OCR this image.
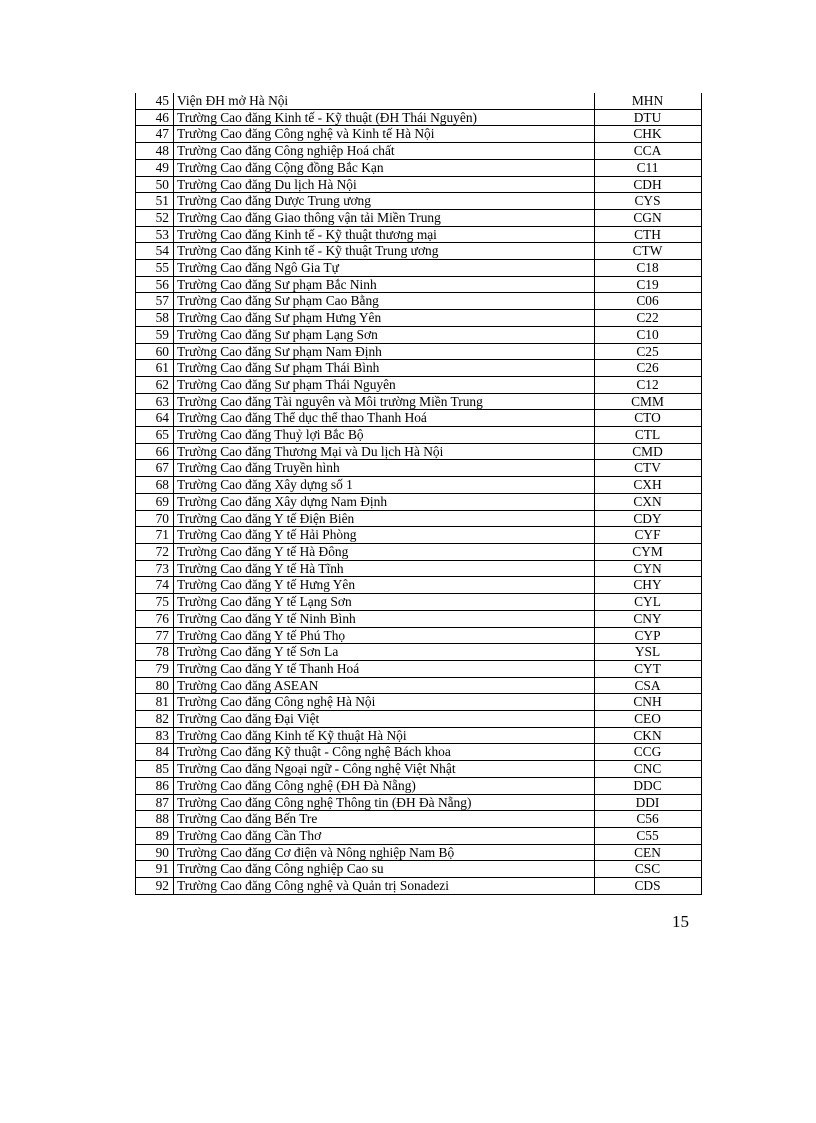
45	Viện ĐH mở Hà Nội	MHN
46	Trường Cao đăng Kinh tế - Kỹ thuật (ĐH Thái Nguyên)	DTU
47	Trường Cao đăng Công nghệ và Kinh tế Hà Nội	CHK
48	Trường Cao đăng Công nghiệp Hoá chất	CCA
49	Trường Cao đăng Cộng đồng Bắc Kạn	C11
50	Trường Cao đăng Du lịch Hà Nội	CDH
51	Trường Cao đăng Dược Trung ương	CYS
52	Trường Cao đăng Giao thông vận tải Miền Trung	CGN
53	Trường Cao đăng Kinh tế - Kỹ thuật thương mại	CTH
54	Trường Cao đăng Kinh tế - Kỹ thuật Trung ương	CTW
55	Trường Cao đăng Ngô Gia Tự	C18
56	Trường Cao đăng Sư phạm Bắc Ninh	C19
57	Trường Cao đăng Sư phạm Cao Bằng	C06
58	Trường Cao đăng Sư phạm Hưng Yên	C22
59	Trường Cao đăng Sư phạm Lạng Sơn	C10
60	Trường Cao đăng Sư phạm Nam Định	C25
61	Trường Cao đăng Sư phạm Thái Bình	C26
62	Trường Cao đăng Sư phạm Thái Nguyên	C12
63	Trường Cao đăng Tài nguyên và Môi trường Miền Trung	CMM
64	Trường Cao đăng Thể dục thể thao Thanh Hoá	CTO
65	Trường Cao đăng Thuỷ lợi Bắc Bộ	CTL
66	Trường Cao đăng Thương Mại và Du lịch Hà Nội	CMD
67	Trường Cao đăng Truyền hình	CTV
68	Trường Cao đăng Xây dựng số 1	CXH
69	Trường Cao đăng Xây dựng Nam Định	CXN
70	Trường Cao đăng Y tế Điện Biên	CDY
71	Trường Cao đăng Y tế Hải Phòng	CYF
72	Trường Cao đăng Y tế Hà Đông	CYM
73	Trường Cao đăng Y tế Hà Tĩnh	CYN
74	Trường Cao đăng Y tế Hưng Yên	CHY
75	Trường Cao đăng Y tế Lạng Sơn	CYL
76	Trường Cao đăng Y tế Ninh Bình	CNY
77	Trường Cao đăng Y tế Phú Thọ	CYP
78	Trường Cao đăng Y tế Sơn La	YSL
79	Trường Cao đăng Y tế Thanh Hoá	CYT
80	Trường Cao đăng ASEAN	CSA
81	Trường Cao đăng Công nghệ Hà Nội	CNH
82	Trường Cao đăng Đại Việt	CEO
83	Trường Cao đăng Kinh tế Kỹ thuật Hà Nội	CKN
84	Trường Cao đăng Kỹ thuật - Công nghệ Bách khoa	CCG
85	Trường Cao đăng Ngoại ngữ - Công nghệ Việt Nhật	CNC
86	Trường Cao đăng Công nghệ (ĐH Đà Nẵng)	DDC
87	Trường Cao đăng Công nghệ Thông tin (ĐH Đà Nẵng)	DDI
88	Trường Cao đăng Bến Tre	C56
89	Trường Cao đăng Cần Thơ	C55
90	Trường Cao đăng Cơ điện và Nông nghiệp Nam Bộ	CEN
91	Trường Cao đăng Công nghiệp Cao su	CSC
92	Trường Cao đăng Công nghệ và Quản trị Sonadezi	CDS
15
